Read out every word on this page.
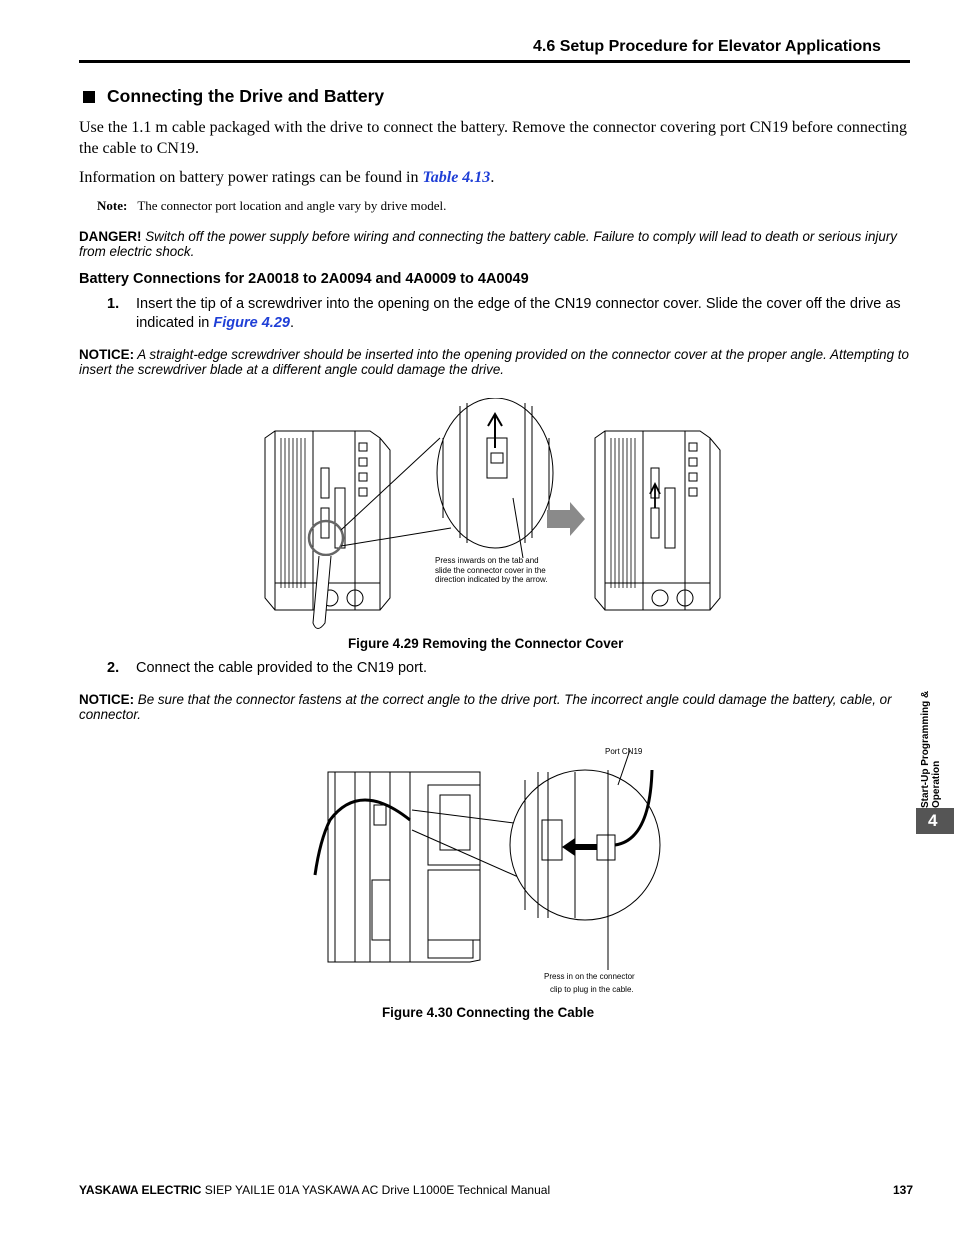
4.6 Setup Procedure for Elevator Applications
Connecting the Drive and Battery
Use the 1.1 m cable packaged with the drive to connect the battery. Remove the connector covering port CN19 before connecting the cable to CN19.
Information on battery power ratings can be found in Table 4.13.
Note: The connector port location and angle vary by drive model.
DANGER! Switch off the power supply before wiring and connecting the battery cable. Failure to comply will lead to death or serious injury from electric shock.
Battery Connections for 2A0018 to 2A0094 and 4A0009 to 4A0049
1. Insert the tip of a screwdriver into the opening on the edge of the CN19 connector cover. Slide the cover off the drive as indicated in Figure 4.29.
NOTICE: A straight-edge screwdriver should be inserted into the opening provided on the connector cover at the proper angle. Attempting to insert the screwdriver blade at a different angle could damage the drive.
Press inwards on the tab and
slide the connector cover in the
direction indicated by the arrow.
Figure 4.29 Removing the Connector Cover
2. Connect the cable provided to the CN19 port.
NOTICE: Be sure that the connector fastens at the correct angle to the drive port. The incorrect angle could damage the battery, cable, or connector.
Port CN19
Press in on the connector
clip to plug in the cable.
Figure 4.30 Connecting the Cable
Start-Up Programming & Operation
4
YASKAWA ELECTRIC SIEP YAIL1E 01A YASKAWA AC Drive L1000E Technical Manual	137
